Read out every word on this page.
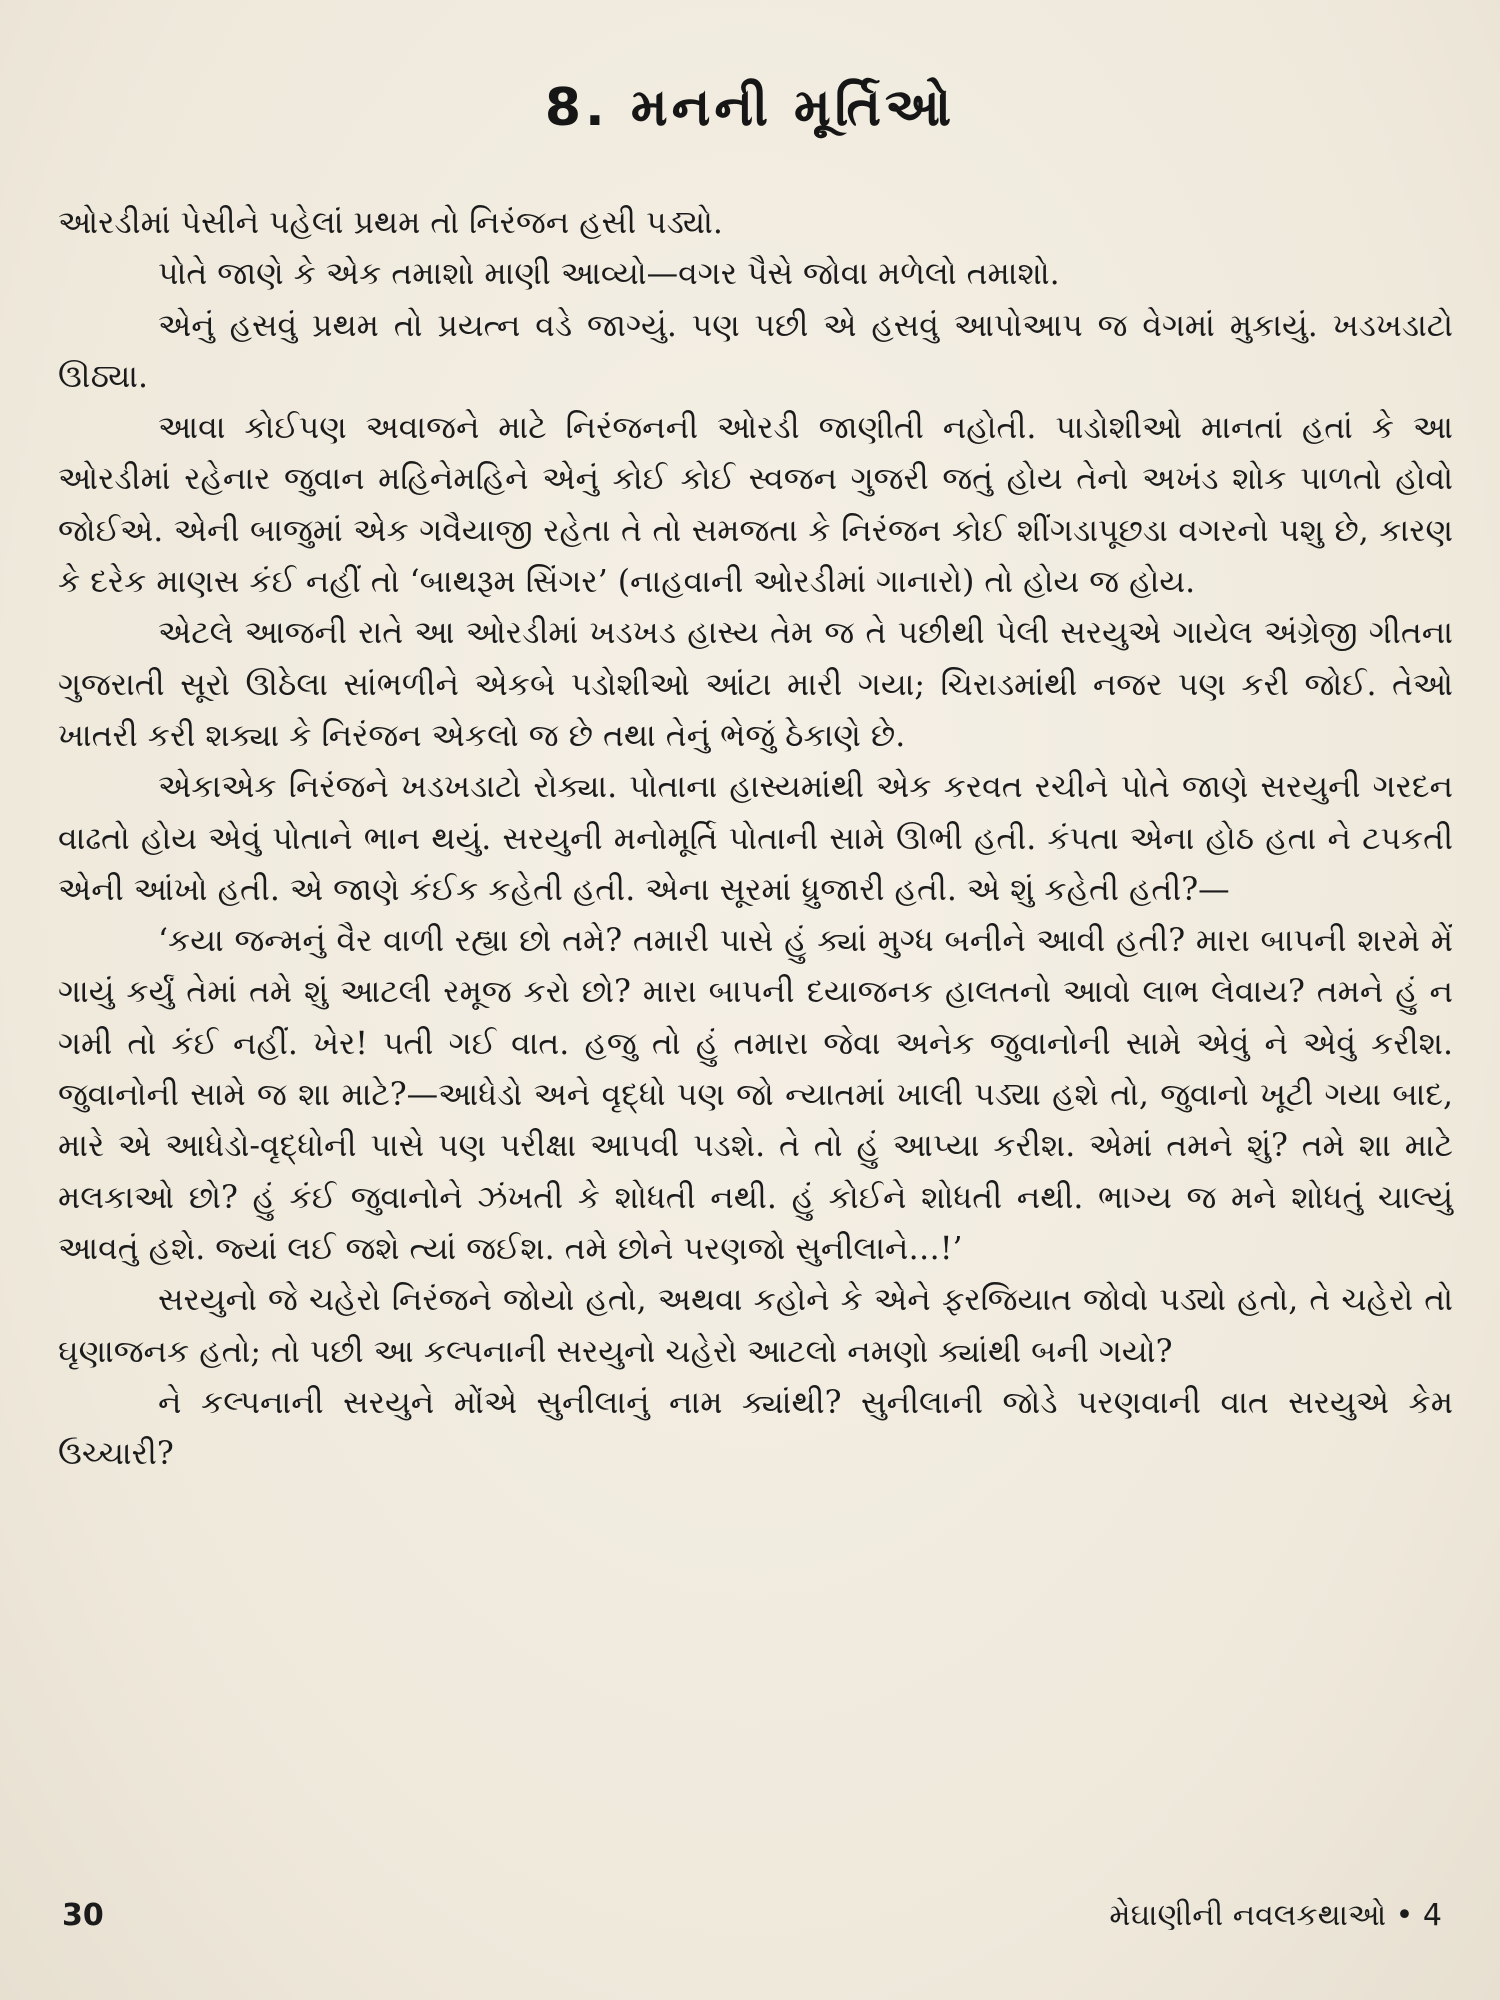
8. મનની મૂર્તિઓ

ઓરડીમાં પેસીને પહેલાં પ્રથમ તો નિરંજન હસી પડ્યો.

પોતે જાણે કે એક તમાશો માણી આવ્યો—વગર પૈસે જોવા મળેલો તમાશો.

એનું હસવું પ્રથમ તો પ્રયત્ન વડે જાગ્યું. પણ પછી એ હસવું આપોઆપ જ વેગમાં મુકાયું. ખડખડાટો ઊઠ્યા.

આવા કોઈપણ અવાજને માટે નિરંજનની ઓરડી જાણીતી નહોતી. પાડોશીઓ માનતાં હતાં કે આ ઓરડીમાં રહેનાર જુવાન મહિનેમહિને એનું કોઈ કોઈ સ્વજન ગુજરી જતું હોય તેનો અખંડ શોક પાળતો હોવો જોઈએ. એની બાજુમાં એક ગવૈયાજી રહેતા તે તો સમજતા કે નિરંજન કોઈ શીંગડાપૂછડા વગરનો પશુ છે, કારણ કે દરેક માણસ કંઈ નહીં તો ‘બાથરૂમ સિંગર’ (નાહવાની ઓરડીમાં ગાનારો) તો હોય જ હોય.

એટલે આજની રાતે આ ઓરડીમાં ખડખડ હાસ્ય તેમ જ તે પછીથી પેલી સરયુએ ગાયેલ અંગ્રેજી ગીતના ગુજરાતી સૂરો ઊઠેલા સાંભળીને એકબે પડોશીઓ આંટા મારી ગયા; ચિરાડમાંથી નજર પણ કરી જોઈ. તેઓ ખાતરી કરી શક્યા કે નિરંજન એકલો જ છે તથા તેનું ભેજું ઠેકાણે છે.

એકાએક નિરંજને ખડખડાટો રોક્યા. પોતાના હાસ્યમાંથી એક કરવત રચીને પોતે જાણે સરયુની ગરદન વાઢતો હોય એવું પોતાને ભાન થયું. સરયુની મનોમૂર્તિ પોતાની સામે ઊભી હતી. કંપતા એના હોઠ હતા ને ટપકતી એની આંખો હતી. એ જાણે કંઈક કહેતી હતી. એના સૂરમાં ધ્રુજારી હતી. એ શું કહેતી હતી?—

‘કયા જન્મનું વૈર વાળી રહ્યા છો તમે? તમારી પાસે હું ક્યાં મુગ્ધ બનીને આવી હતી? મારા બાપની શરમે મેં ગાયું કર્યું તેમાં તમે શું આટલી રમૂજ કરો છો? મારા બાપની દયાજનક હાલતનો આવો લાભ લેવાય? તમને હું ન ગમી તો કંઈ નહીં. ખેર! પતી ગઈ વાત. હજુ તો હું તમારા જેવા અનેક જુવાનોની સામે એવું ને એવું કરીશ. જુવાનોની સામે જ શા માટે?—આધેડો અને વૃદ્ધો પણ જો ન્યાતમાં ખાલી પડ્યા હશે તો, જુવાનો ખૂટી ગયા બાદ, મારે એ આધેડો-વૃદ્ધોની પાસે પણ પરીક્ષા આપવી પડશે. તે તો હું આપ્યા કરીશ. એમાં તમને શું? તમે શા માટે મલકાઓ છો? હું કંઈ જુવાનોને ઝંખતી કે શોધતી નથી. હું કોઈને શોધતી નથી. ભાગ્ય જ મને શોધતું ચાલ્યું આવતું હશે. જ્યાં લઈ જશે ત્યાં જઈશ. તમે છોને પરણજો સુનીલાને…!’

સરયુનો જે ચહેરો નિરંજને જોયો હતો, અથવા કહોને કે એને ફરજિયાત જોવો પડ્યો હતો, તે ચહેરો તો ઘૃણાજનક હતો; તો પછી આ કલ્પનાની સરયુનો ચહેરો આટલો નમણો ક્યાંથી બની ગયો?

ને કલ્પનાની સરયુને મોંએ સુનીલાનું નામ ક્યાંથી? સુનીલાની જોડે પરણવાની વાત સરયુએ કેમ ઉચ્ચારી?

30	મેઘાણીની નવલકથાઓ • 4
